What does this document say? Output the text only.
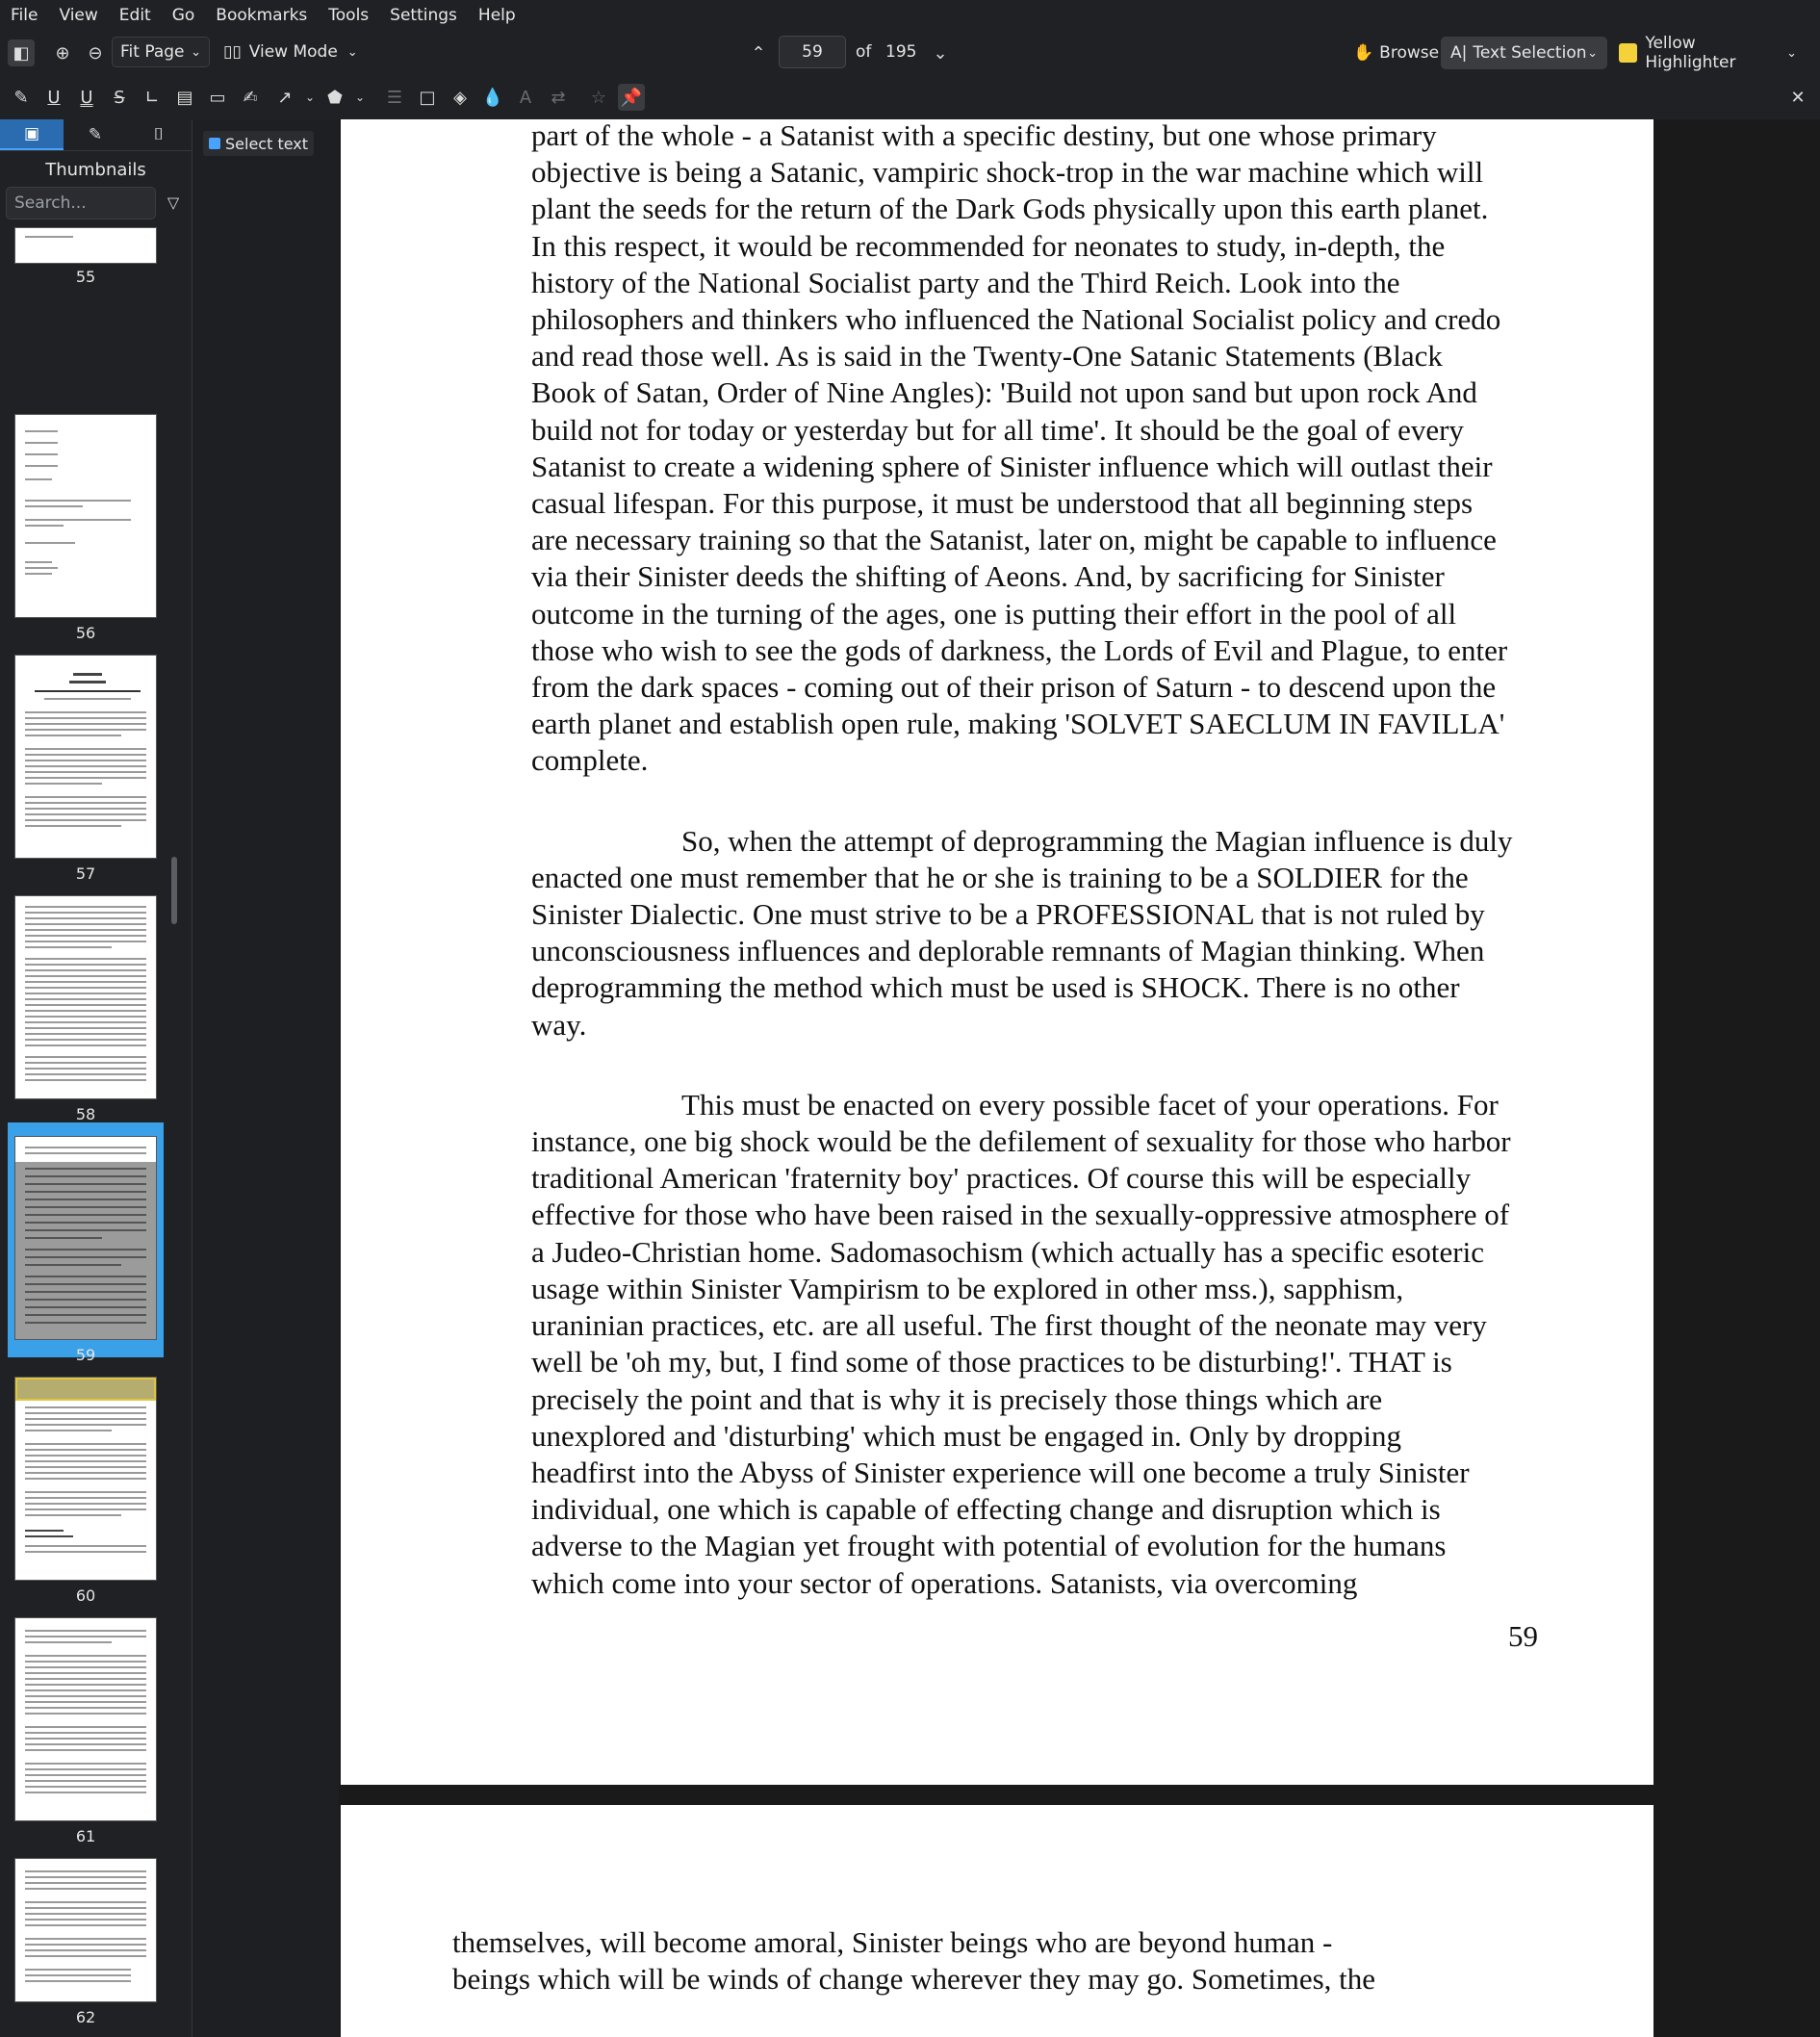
File	View	Edit	Go	Bookmarks	Tools	Settings	Help
◧	⊕	⊖	Fit Page ⌄ ▯▯ View Mode ⌄	⌃	59 of 195 ⌄	✋ Browse A| Text Selection ⌄	Yellow Highlighter	⌄
✎	U	U	S	∟ ▤ ▭ ✍	↗	⌄ ⬟	⌄	☰ □	◈ 💧 A	⇄	☆ 📌	✕
▣	✎	⌷
Thumbnails
Search...	▽
55
56
57
58
59
60
61
62
Select text	part of the whole - a Satanist with a specific destiny, but one whose primary objective is being a Satanic, vampiric shock-trop in the war machine which will plant the seeds for the return of the Dark Gods physically upon this earth planet. In this respect, it would be recommended for neonates to study, in-depth, the history of the National Socialist party and the Third Reich. Look into the philosophers and thinkers who influenced the National Socialist policy and credo and read those well. As is said in the Twenty-One Satanic Statements (Black Book of Satan, Order of Nine Angles): 'Build not upon sand but upon rock And build not for today or yesterday but for all time'. It should be the goal of every Satanist to create a widening sphere of Sinister influence which will outlast their casual lifespan. For this purpose, it must be understood that all beginning steps are necessary training so that the Satanist, later on, might be capable to influence via their Sinister deeds the shifting of Aeons. And, by sacrificing for Sinister outcome in the turning of the ages, one is putting their effort in the pool of all those who wish to see the gods of darkness, the Lords of Evil and Plague, to enter from the dark spaces - coming out of their prison of Saturn - to descend upon the earth planet and establish open rule, making 'SOLVET SAECLUM IN FAVILLA' complete.

So, when the attempt of deprogramming the Magian influence is duly enacted one must remember that he or she is training to be a SOLDIER for the Sinister Dialectic. One must strive to be a PROFESSIONAL that is not ruled by unconsciousness influences and deplorable remnants of Magian thinking. When deprogramming the method which must be used is SHOCK. There is no other way.

This must be enacted on every possible facet of your operations. For instance, one big shock would be the defilement of sexuality for those who harbor traditional American 'fraternity boy' practices. Of course this will be especially effective for those who have been raised in the sexually-oppressive atmosphere of a Judeo-Christian home. Sadomasochism (which actually has a specific esoteric usage within Sinister Vampirism to be explored in other mss.), sapphism, uraninian practices, etc. are all useful. The first thought of the neonate may very well be 'oh my, but, I find some of those practices to be disturbing!'. THAT is precisely the point and that is why it is precisely those things which are unexplored and 'disturbing' which must be engaged in. Only by dropping headfirst into the Abyss of Sinister experience will one become a truly Sinister individual, one which is capable of effecting change and disruption which is adverse to the Magian yet frought with potential of evolution for the humans which come into your sector of operations. Satanists, via overcoming

59

themselves, will become amoral, Sinister beings who are beyond human - beings which will be winds of change wherever they may go. Sometimes, the
